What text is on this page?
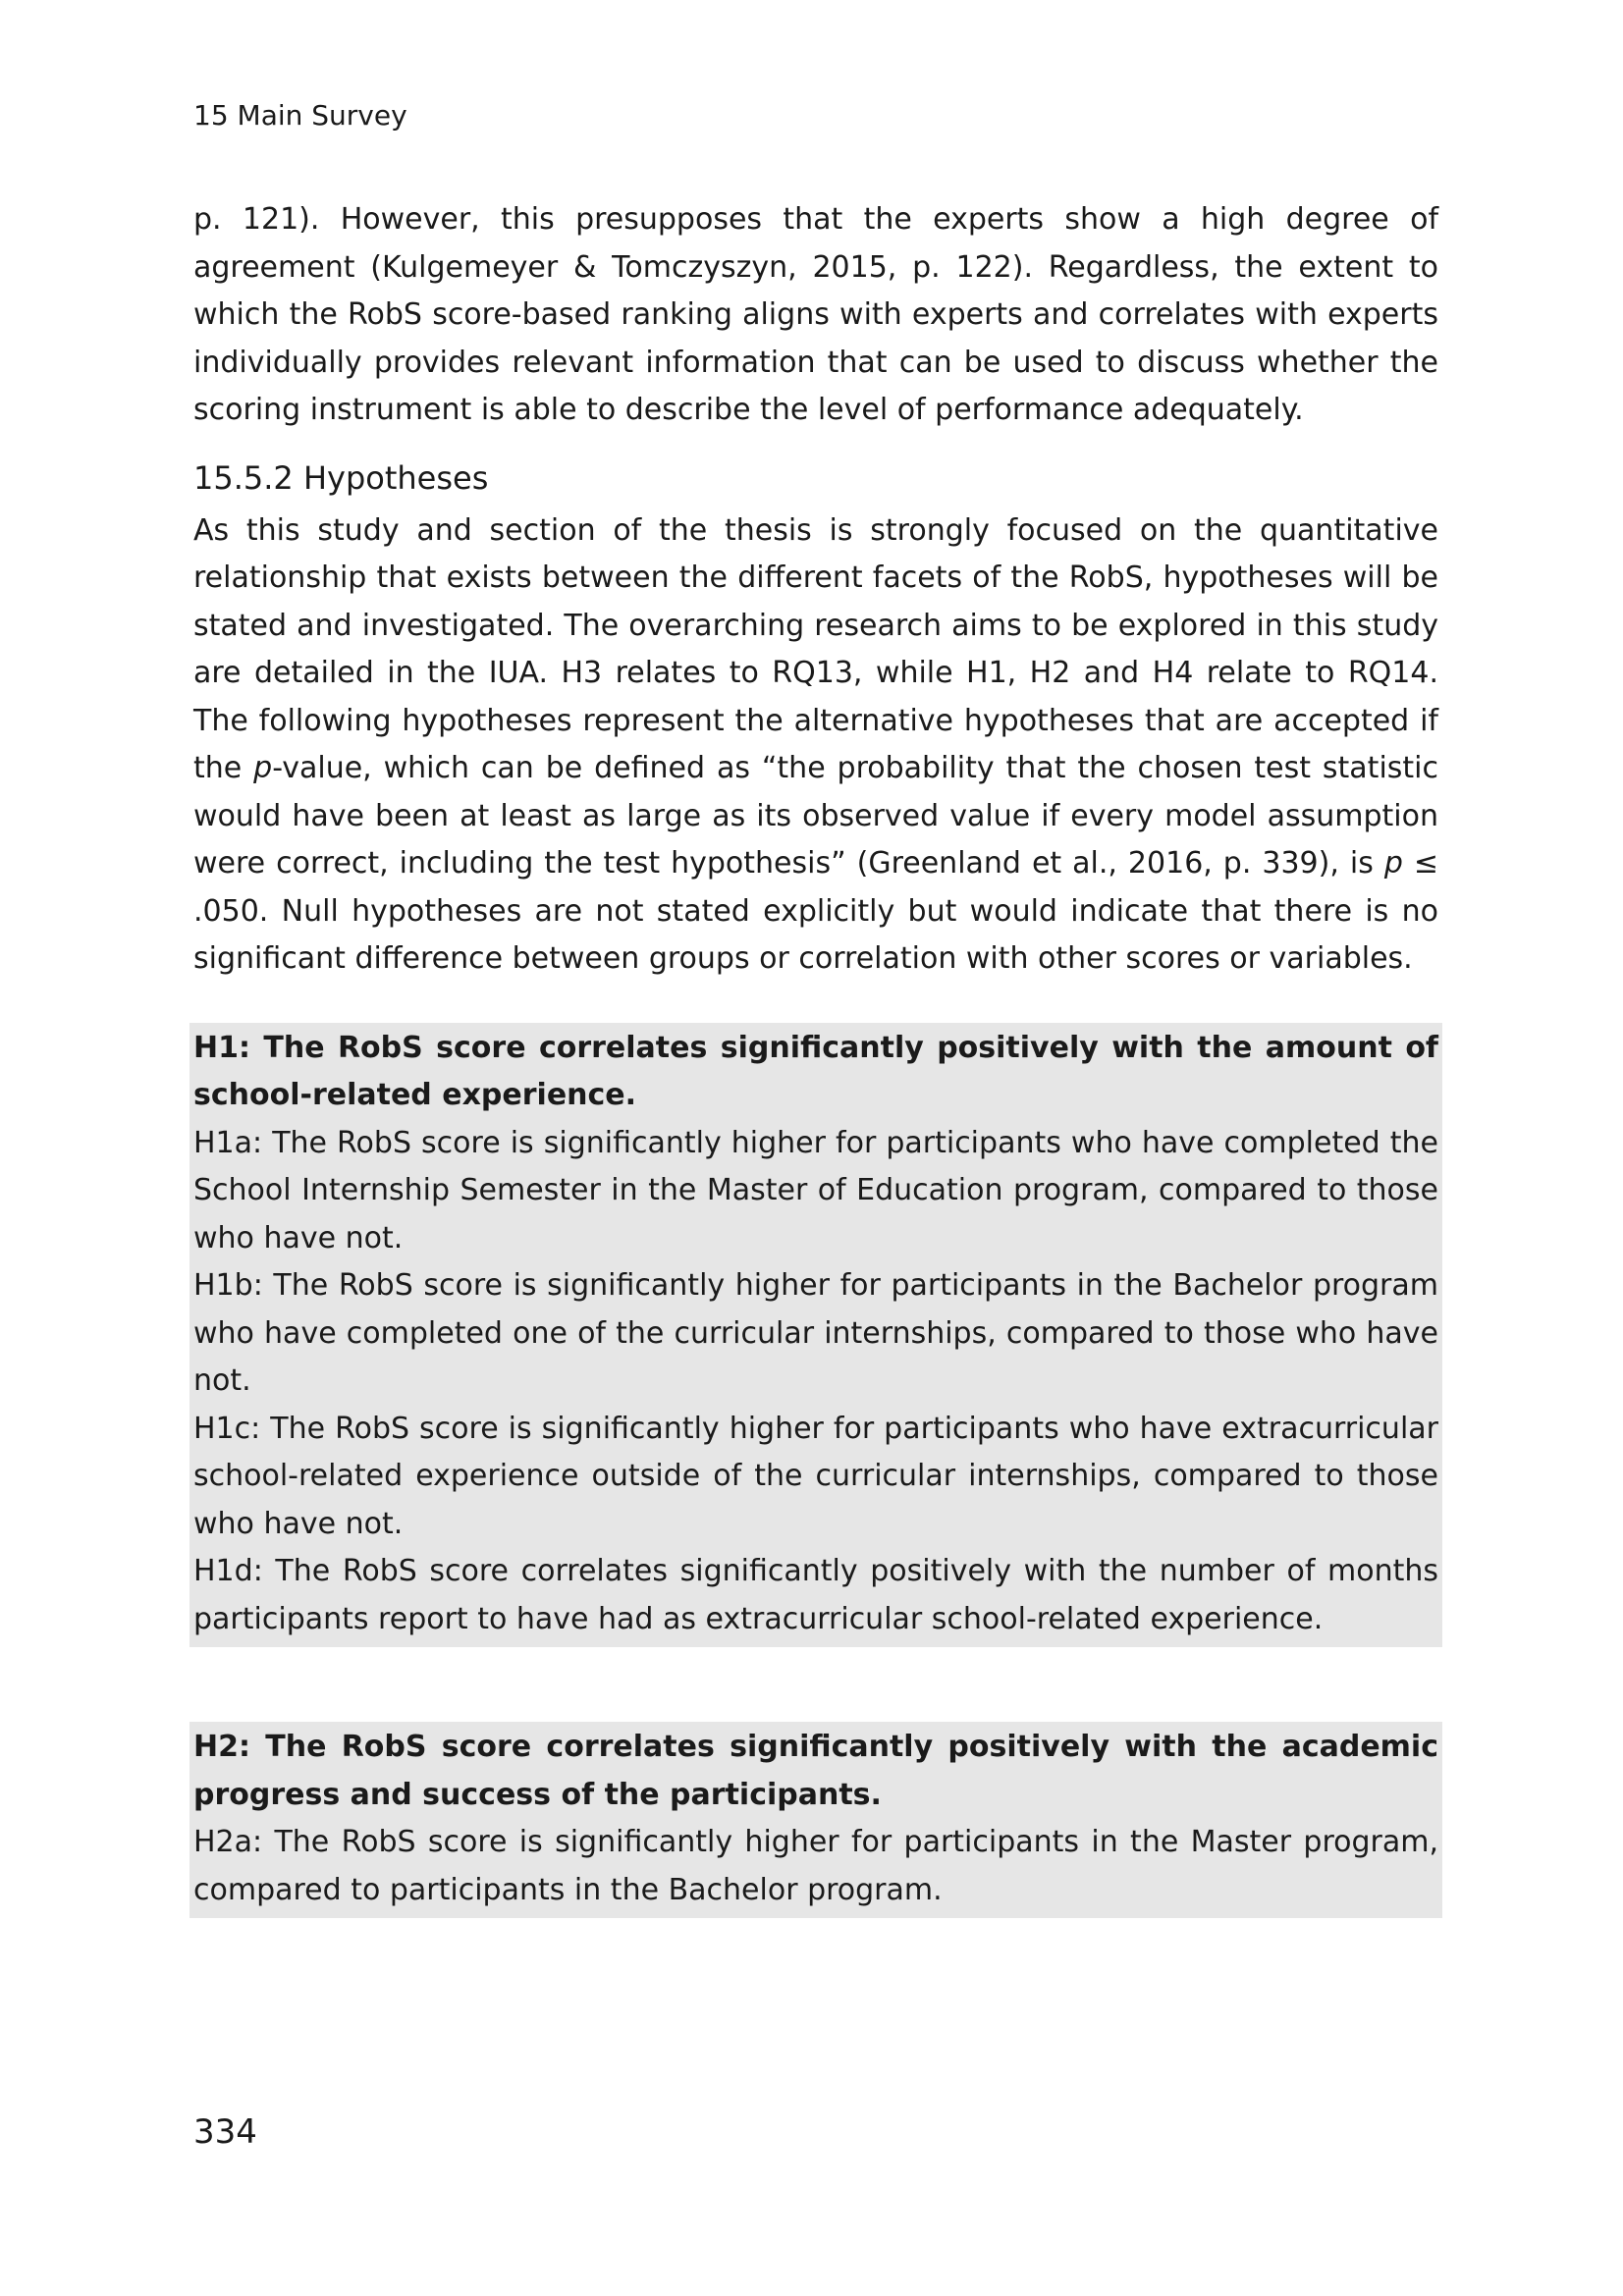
15 Main Survey

p. 121). However, this presupposes that the experts show a high degree of agreement (Kulgemeyer & Tomczyszyn, 2015, p. 122). Regardless, the extent to which the RobS score-based ranking aligns with experts and correlates with experts individually provides relevant information that can be used to discuss whether the scoring instrument is able to describe the level of performance adequately.

15.5.2 Hypotheses

As this study and section of the thesis is strongly focused on the quantitative relationship that exists between the different facets of the RobS, hypotheses will be stated and investigated. The overarching research aims to be explored in this study are detailed in the IUA. H3 relates to RQ13, while H1, H2 and H4 relate to RQ14. The following hypotheses represent the alternative hypotheses that are accepted if the p-value, which can be defined as “the probability that the chosen test statistic would have been at least as large as its observed value if every model assumption were correct, including the test hypothesis” (Greenland et al., 2016, p. 339), is p ≤ .050. Null hypotheses are not stated explicitly but would indicate that there is no significant difference between groups or correlation with other scores or variables.

H1: The RobS score correlates significantly positively with the amount of school-related experience.

H1a: The RobS score is significantly higher for participants who have completed the School Internship Semester in the Master of Education program, compared to those who have not.

H1b: The RobS score is significantly higher for participants in the Bachelor program who have completed one of the curricular internships, compared to those who have not.

H1c: The RobS score is significantly higher for participants who have extracurricular school-related experience outside of the curricular internships, compared to those who have not.

H1d: The RobS score correlates significantly positively with the number of months participants report to have had as extracurricular school-related experience.

H2: The RobS score correlates significantly positively with the academic progress and success of the participants.

H2a: The RobS score is significantly higher for participants in the Master program, compared to participants in the Bachelor program.

334
